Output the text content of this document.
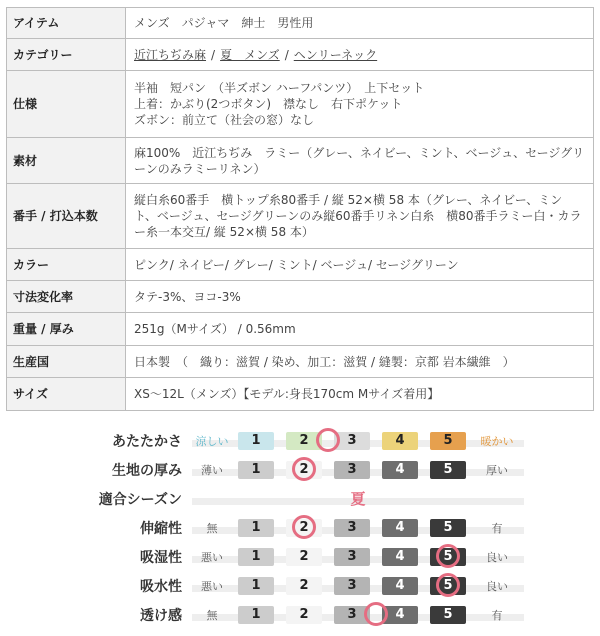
アイテム	メンズ　パジャマ　紳士　男性用
カテゴリー	近江ちぢみ麻 / 夏　メンズ / ヘンリーネック
仕様	半袖　短パン　（半ズボン ハーフパンツ）　上下セット
上着：かぶり(2つボタン)　襟なし　右下ポケット
ズボン：前立て（社会の窓）なし

素材	麻100%　近江ちぢみ　ラミー（グレー、ネイビー、ミント、ベージュ、セージグリーンのみラミーリネン）
番手 / 打込本数	縦白糸60番手　横トップ糸80番手 / 縦 52×横 58 本（グレー、ネイビー、ミント、ベージュ、セージグリーンのみ縦60番手リネン白糸　横80番手ラミー白・カラー糸一本交互/ 縦 52×横 58 本）
カラー	ピンク/ ネイビー/ グレー/ ミント/ ベージュ/ セージグリーン
寸法変化率	タテ-3%、ヨコ-3%
重量 / 厚み	251g（Mサイズ） / 0.56mm
生産国	日本製　（　織り：滋賀 / 染め、加工：滋賀 / 縫製：京都 岩本繊維　）
サイズ	XS〜12L（メンズ）【モデル:身長170cm Mサイズ着用】
あたたかさ	涼しい	暖かい
1	2	3	4	5
生地の厚み	薄い	厚い
1	2	3	4	5
適合シーズン	夏
伸縮性	無	有
1	2	3	4	5
吸湿性	悪い	良い
1	2	3	4	5
吸水性	悪い	良い
1	2	3	4	5
透け感	無	有
1	2	3	4	5
